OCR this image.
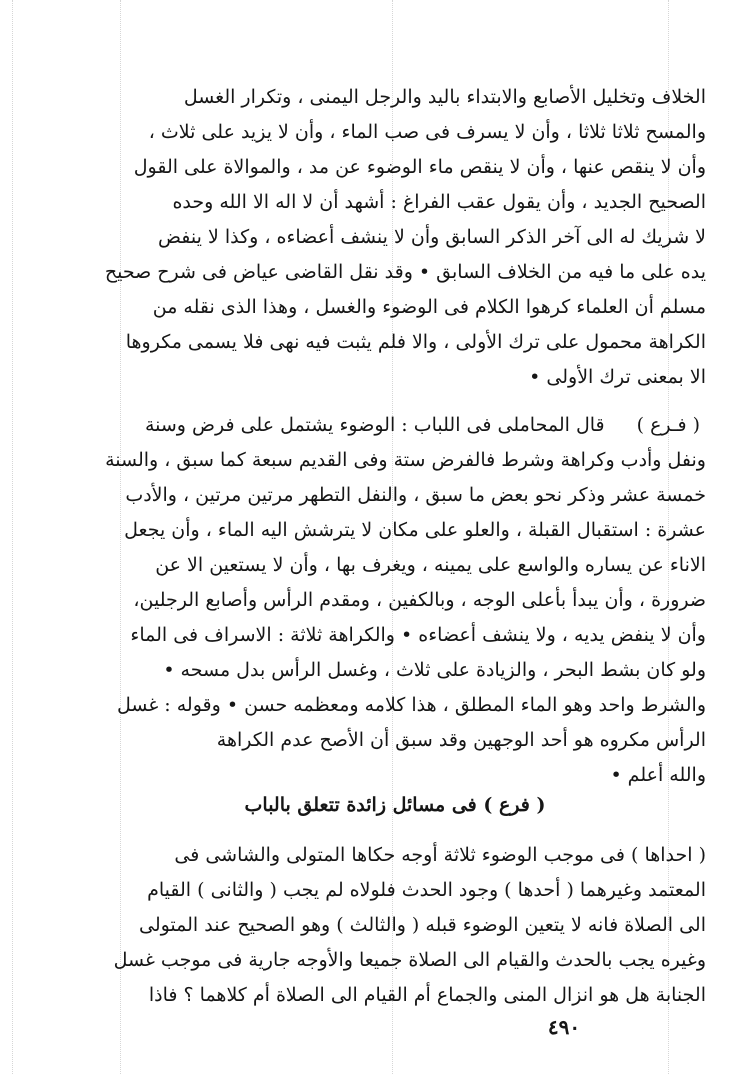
الخلاف وتخليل الأصابع والابتداء باليد والرجل اليمنى ، وتكرار الغسل
والمسح ثلاثا ثلاثا ، وأن لا يسرف فى صب الماء ، وأن لا يزيد على ثلاث ،
وأن لا ينقص عنها ، وأن لا ينقص ماء الوضوء عن مد ، والموالاة على القول
الصحيح الجديد ، وأن يقول عقب الفراغ : أشهد أن لا اله الا الله وحده
لا شريك له الى آخر الذكر السابق وأن لا ينشف أعضاءه ، وكذا لا ينفض
يده على ما فيه من الخلاف السابق • وقد نقل القاضى عياض فى شرح صحيح
مسلم أن العلماء كرهوا الكلام فى الوضوء والغسل ، وهذا الذى نقله من
الكراهة محمول على ترك الأولى ، والا فلم يثبت فيه نهى فلا يسمى مكروها
الا بمعنى ترك الأولى •
( فـرع )قال المحاملى فى اللباب : الوضوء يشتمل على فرض وسنة
ونفل وأدب وكراهة وشرط فالفرض ستة وفى القديم سبعة كما سبق ، والسنة
خمسة عشر وذكر نحو بعض ما سبق ، والنفل التطهر مرتين مرتين ، والأدب
عشرة : استقبال القبلة ، والعلو على مكان لا يترشش اليه الماء ، وأن يجعل
الاناء عن يساره والواسع على يمينه ، ويغرف بها ، وأن لا يستعين الا عن
ضرورة ، وأن يبدأ بأعلى الوجه ، وبالكفين ، ومقدم الرأس وأصابع الرجلين،
وأن لا ينفض يديه ، ولا ينشف أعضاءه • والكراهة ثلاثة : الاسراف فى الماء
ولو كان بشط البحر ، والزيادة على ثلاث ، وغسل الرأس بدل مسحه •
والشرط واحد وهو الماء المطلق ، هذا كلامه ومعظمه حسن • وقوله : غسل
الرأس مكروه هو أحد الوجهين وقد سبق أن الأصح عدم الكراهة
والله أعلم •
( فرع ) فى مسائل زائدة تتعلق بالباب
( احداها ) فى موجب الوضوء ثلاثة أوجه حكاها المتولى والشاشى فى
المعتمد وغيرهما ( أحدها ) وجود الحدث فلولاه لم يجب ( والثانى ) القيام
الى الصلاة فانه لا يتعين الوضوء قبله ( والثالث ) وهو الصحيح عند المتولى
وغيره يجب بالحدث والقيام الى الصلاة جميعا والأوجه جارية فى موجب غسل
الجنابة هل هو انزال المنى والجماع أم القيام الى الصلاة أم كلاهما ؟ فاذا
٤٩٠
